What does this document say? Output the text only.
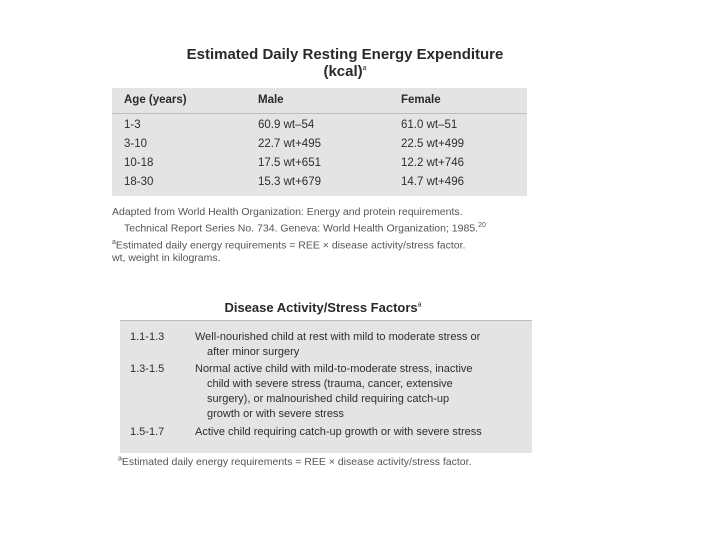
Estimated Daily Resting Energy Expenditure
(kcal)$^a$
Age (years)	Male	Female
1-3	60.9 wt–54	61.0 wt–51
3-10	22.7 wt+495	22.5 wt+499
10-18	17.5 wt+651	12.2 wt+746
18-30	15.3 wt+679	14.7 wt+496
Adapted from World Health Organization: Energy and protein requirements.
Technical Report Series No. 734. Geneva: World Health Organization; 1985.20
$^a$Estimated daily energy requirements = REE × disease activity/stress factor.
wt, weight in kilograms.
Disease Activity/Stress Factors$^a$
1.1-1.3	Well-nourished child at rest with mild to moderate stress or
after minor surgery
1.3-1.5	Normal active child with mild-to-moderate stress, inactive
child with severe stress (trauma, cancer, extensive
surgery), or malnourished child requiring catch-up
growth or with severe stress
1.5-1.7	Active child requiring catch-up growth or with severe stress
$^a$Estimated daily energy requirements = REE × disease activity/stress factor.
